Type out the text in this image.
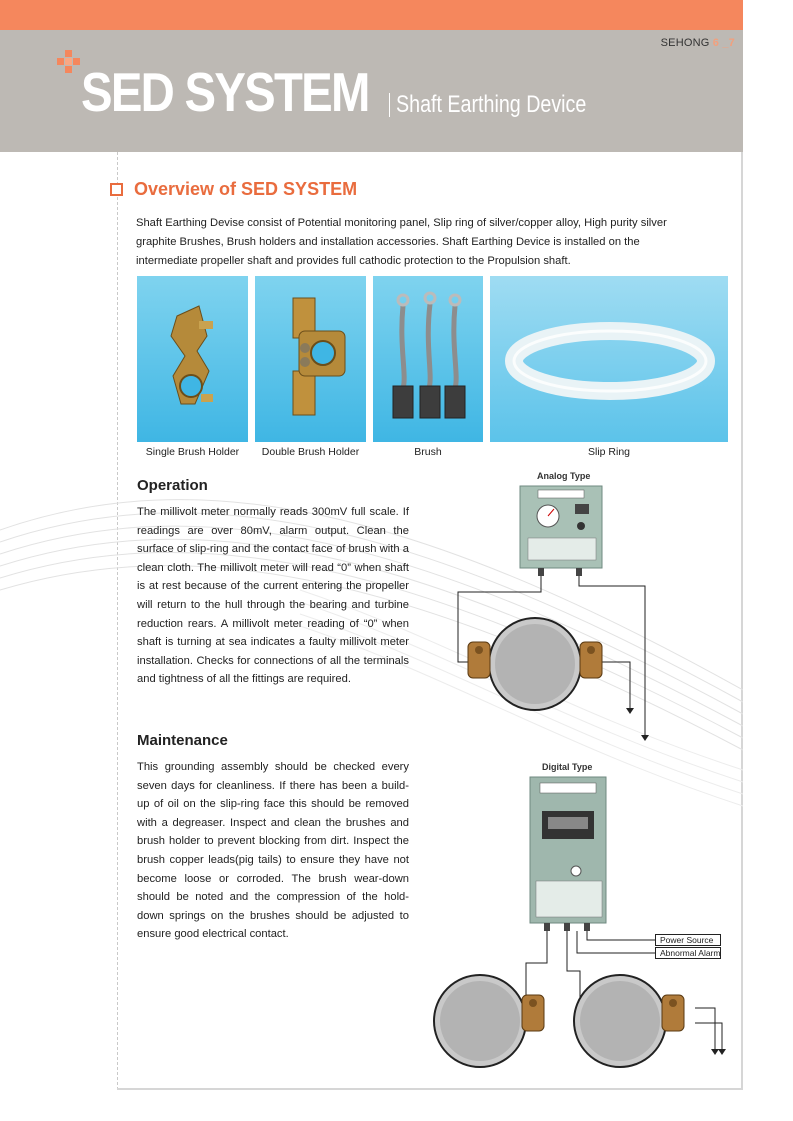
SEHONG 6 _7
SED SYSTEM Shaft Earthing Device
Overview of SED SYSTEM
Shaft Earthing Devise consist of Potential monitoring panel, Slip ring of silver/copper alloy, High purity silver graphite Brushes, Brush holders and installation accessories. Shaft Earthing Device is installed on the intermediate propeller shaft and provides full cathodic protection to the Propulsion shaft.
Single Brush Holder	Double Brush Holder	Brush	Slip Ring
Operation
The millivolt meter normally reads 300mV full scale. If readings are over 80mV, alarm output. Clean the surface of slip-ring and the contact face of brush with a clean cloth. The millivolt meter will read “0” when shaft is at rest because of the current entering the propeller will return to the hull through the bearing and turbine reduction rears. A millivolt meter reading of “0” when shaft is turning at sea indicates a faulty millivolt meter installation. Checks for connections of all the terminals and tightness of all the fittings are required.
Maintenance
This grounding assembly should be checked every seven days for cleanliness. If there has been a build-up of oil on the slip-ring face this should be removed with a degreaser. Inspect and clean the brushes and brush holder to prevent blocking from dirt. Inspect the brush copper leads(pig tails) to ensure they have not become loose or corroded. The brush wear-down should be noted and the compression of the hold-down springs on the brushes should be adjusted to ensure good electrical contact.
Analog Type
Digital Type
Power Source
Abnormal Alarm
